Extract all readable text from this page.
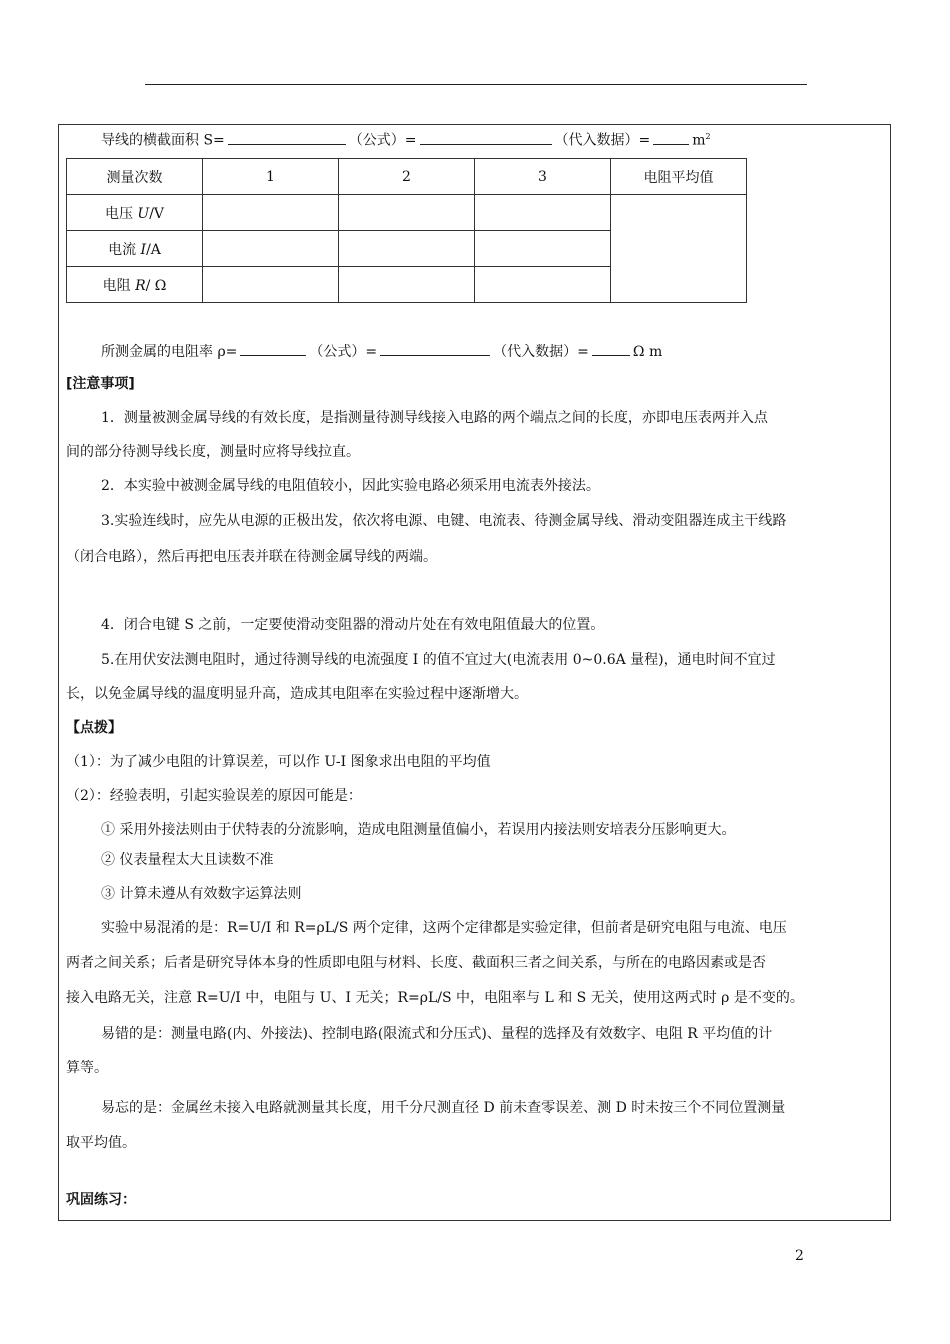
导线的横截面积 S=	（公式）=	（代入数据）=	$m^2$
测量次数	1	2	3	电阻平均值
电压 U/V				
电流 I/A				
电阻 R/ Ω				
所测金属的电阻率 ρ=	（公式）=	（代入数据）=	Ω m
[注意事项]
1．测量被测金属导线的有效长度，是指测量待测导线接入电路的两个端点之间的长度，亦即电压表两并入点
间的部分待测导线长度，测量时应将导线拉直。
2．本实验中被测金属导线的电阻值较小，因此实验电路必须采用电流表外接法。
3.实验连线时，应先从电源的正极出发，依次将电源、电键、电流表、待测金属导线、滑动变阻器连成主干线路
（闭合电路），然后再把电压表并联在待测金属导线的两端。
4．闭合电键 S 之前，一定要使滑动变阻器的滑动片处在有效电阻值最大的位置。
5.在用伏安法测电阻时，通过待测导线的电流强度 I 的值不宜过大(电流表用 0~0.6A 量程)，通电时间不宜过
长，以免金属导线的温度明显升高，造成其电阻率在实验过程中逐渐增大。
【点拨】
（1）：为了减少电阻的计算误差，可以作 U-I 图象求出电阻的平均值
（2）：经验表明，引起实验误差的原因可能是：
① 采用外接法则由于伏特表的分流影响，造成电阻测量值偏小，若误用内接法则安培表分压影响更大。
② 仪表量程太大且读数不准
③ 计算未遵从有效数字运算法则
实验中易混淆的是：R=U/I 和 R=ρL/S 两个定律，这两个定律都是实验定律，但前者是研究电阻与电流、电压
两者之间关系；后者是研究导体本身的性质即电阻与材料、长度、截面积三者之间关系，与所在的电路因素或是否
接入电路无关，注意 R=U/I 中，电阻与 U、I 无关；R=ρL/S 中，电阻率与 L 和 S 无关，使用这两式时 ρ 是不变的。
易错的是：测量电路(内、外接法)、控制电路(限流式和分压式)、量程的选择及有效数字、电阻 R 平均值的计
算等。
易忘的是：金属丝未接入电路就测量其长度，用千分尺测直径 D 前未查零误差、测 D 时未按三个不同位置测量
取平均值。
巩固练习：
2
